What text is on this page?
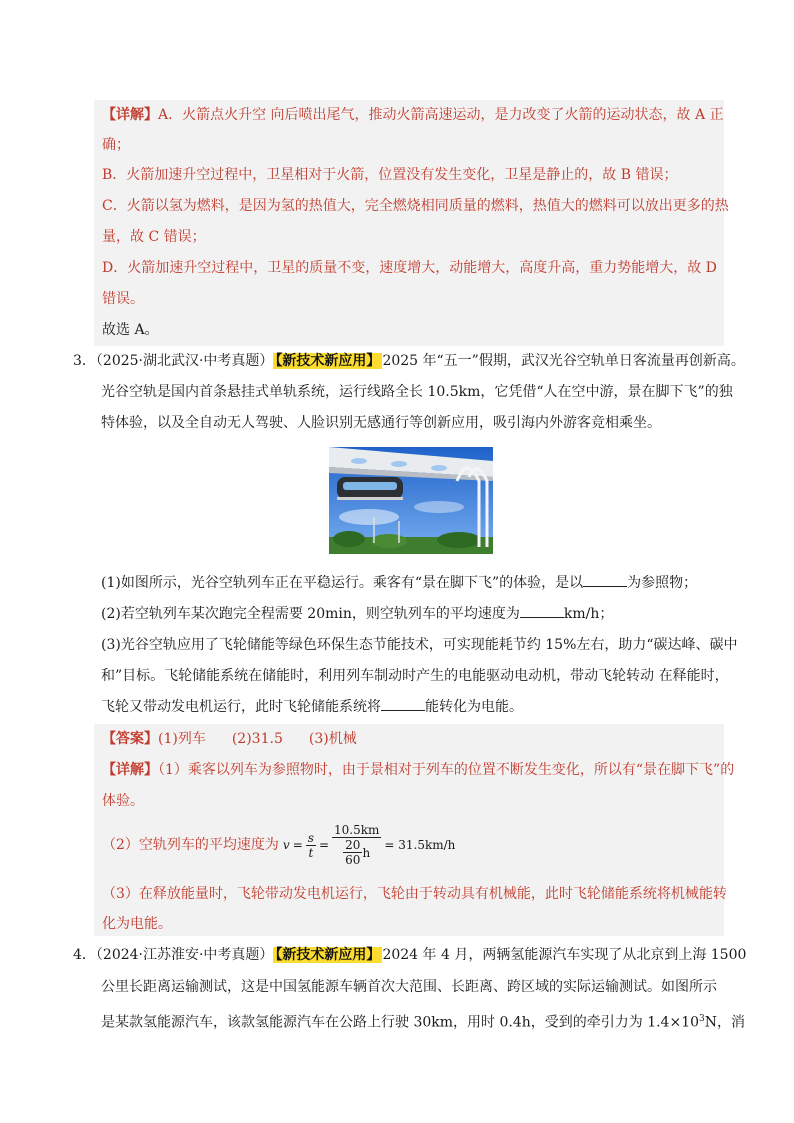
【详解】A．火箭点火升空 向后喷出尾气，推动火箭高速运动，是力改变了火箭的运动状态，故 A 正
确；
B．火箭加速升空过程中，卫星相对于火箭，位置没有发生变化，卫星是静止的，故 B 错误；
C．火箭以氢为燃料，是因为氢的热值大，完全燃烧相同质量的燃料，热值大的燃料可以放出更多的热
量，故 C 错误；
D．火箭加速升空过程中，卫星的质量不变，速度增大，动能增大，高度升高，重力势能增大，故 D
错误。
故选 A。
3．（2025·湖北武汉·中考真题） 【新技术新应用】 2025 年“五一”假期，武汉光谷空轨单日客流量再创新高。
光谷空轨是国内首条悬挂式单轨系统，运行线路全长 10.5km，它凭借“人在空中游，景在脚下飞”的独
特体验，以及全自动无人驾驶、人脸识别无感通行等创新应用，吸引海内外游客竞相乘坐。
(1)如图所示，光谷空轨列车正在平稳运行。乘客有“景在脚下飞”的体验，是以	为参照物；
(2)若空轨列车某次跑完全程需要 20min，则空轨列车的平均速度为	km/h；
(3)光谷空轨应用了飞轮储能等绿色环保生态节能技术，可实现能耗节约 15%左右，助力“碳达峰、碳中
和”目标。飞轮储能系统在储能时，利用列车制动时产生的电能驱动电动机，带动飞轮转动 在释能时，
飞轮又带动发电机运行，此时飞轮储能系统将	能转化为电能。
【答案】(1)列车 (2)31.5 (3)机械
【详解】（1）乘客以列车为参照物时，由于景相对于列车的位置不断发生变化，所以有“景在脚下飞”的
体验。
（2）空轨列车的平均速度为 $v = \frac{s}{t} = \frac{10.5km}{\frac{20}{60} h} = 31.5km/h$
（3）在释放能量时，飞轮带动发电机运行，飞轮由于转动具有机械能，此时飞轮储能系统将机械能转
化为电能。
4．（2024·江苏淮安·中考真题） 【新技术新应用】 2024 年 4 月，两辆氢能源汽车实现了从北京到上海 1500
公里长距离运输测试，这是中国氢能源车辆首次大范围、长距离、跨区域的实际运输测试。如图所示
是某款氢能源汽车，该款氢能源汽车在公路上行驶 30km，用时 0.4h，受到的牵引力为 $1.4\times 10^3N$，消
